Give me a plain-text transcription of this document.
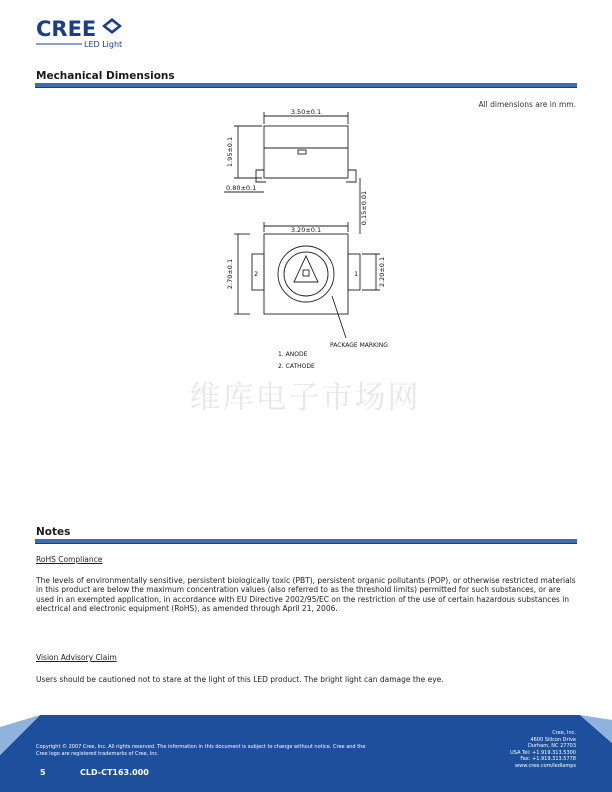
CREE
LED Light
Mechanical Dimensions
All dimensions are in mm.
3.50±0.1
1.95±0.1
0.80±0.1
0.15±0.01
3.20±0.1
2.70±0.1	2.20±0.1
2	1
PACKAGE MARKING
1. ANODE
2. CATHODE
维库电子市场网
Notes
RoHS Compliance
The levels of environmentally sensitive, persistent biologically toxic (PBT), persistent organic pollutants (POP), or otherwise restricted materials in this product are below the maximum concentration values (also referred to as the threshold limits) permitted for such substances, or are used in an exempted application, in accordance with EU Directive 2002/95/EC on the restriction of the use of certain hazardous substances in electrical and electronic equipment (RoHS), as amended through April 21, 2006.
Vision Advisory Claim
Users should be cautioned not to stare at the light of this LED product. The bright light can damage the eye.
Copyright © 2007 Cree, Inc. All rights reserved. The information in this document is subject to change without notice. Cree and the
Cree logo are registered trademarks of Cree, Inc.
5	CLD-CT163.000
Cree, Inc.
4600 Silicon Drive
Durham, NC 27703
USA Tel: +1.919.313.5300
Fax: +1.919.313.5778
www.cree.com/ledlamps
